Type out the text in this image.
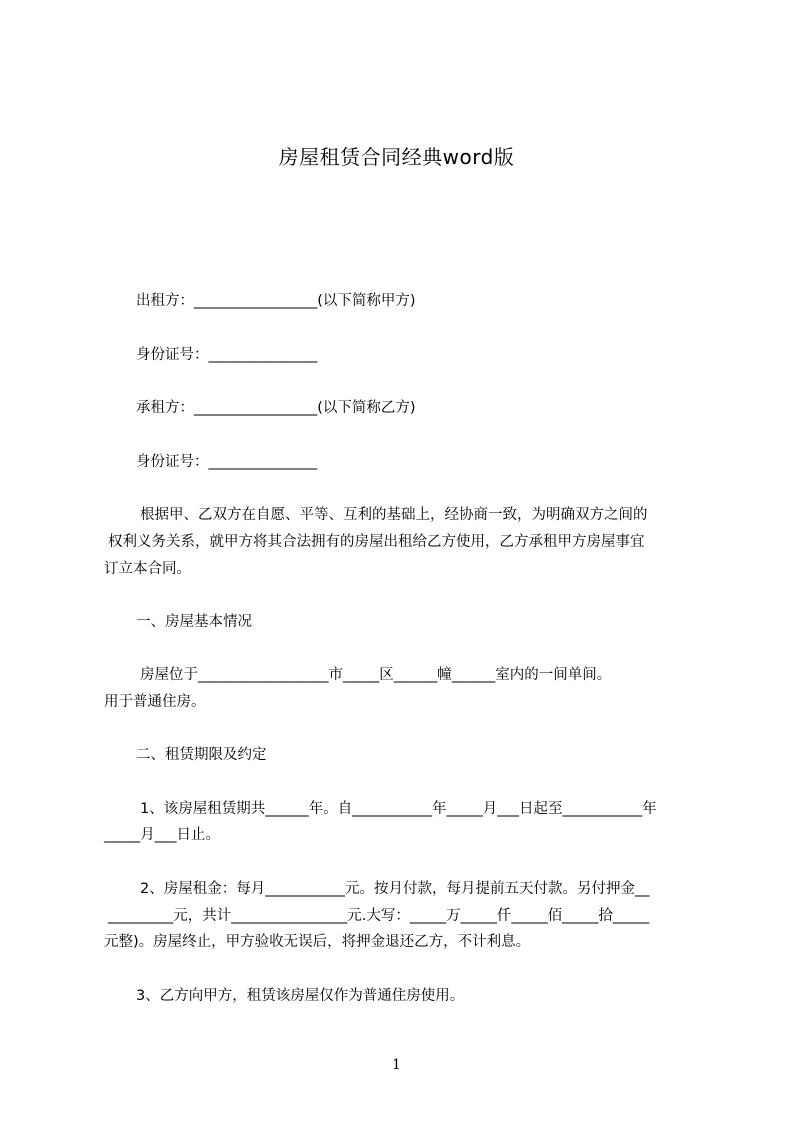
房屋租赁合同经典word版
出租方：_________________(以下简称甲方)
身份证号：_______________
承租方：_________________(以下简称乙方)
身份证号：_______________
根据甲、乙双方在自愿、平等、互利的基础上，经协商一致，为明确双方之间的
权利义务关系，就甲方将其合法拥有的房屋出租给乙方使用，乙方承租甲方房屋事宜
订立本合同。
一、房屋基本情况
房屋位于__________________市_____区______幢______室内的一间单间。
用于普通住房。
二、租赁期限及约定
1、该房屋租赁期共______年。自___________年_____月___日起至___________年
_____月___日止。
2、房屋租金：每月___________元。按月付款，每月提前五天付款。另付押金__
_________元，共计________________元.大写：_____万_____仟_____佰_____拾_____
元整)。房屋终止，甲方验收无误后，将押金退还乙方，不计利息。
3、乙方向甲方，租赁该房屋仅作为普通住房使用。
1
